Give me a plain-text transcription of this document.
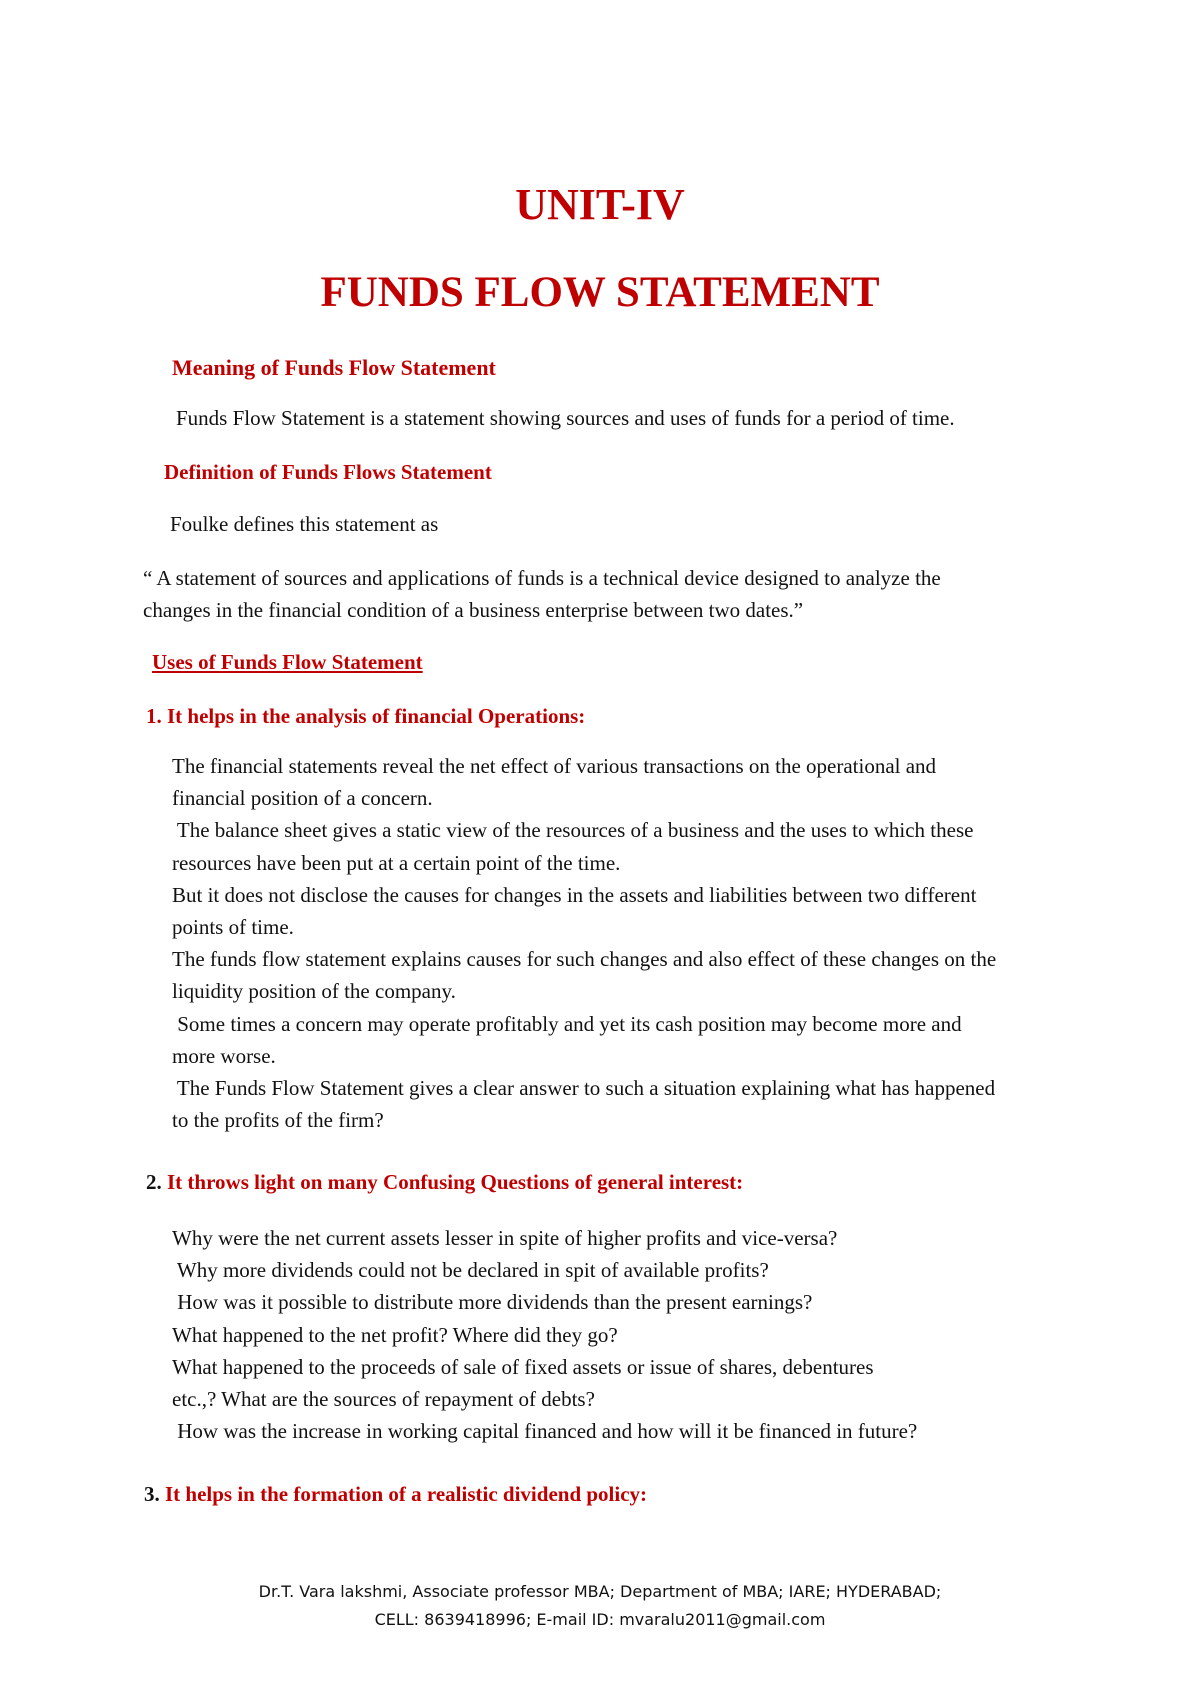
UNIT-IV
FUNDS FLOW STATEMENT
Meaning of Funds Flow Statement
Funds Flow Statement is a statement showing sources and uses of funds for a period of time.
Definition of Funds Flows Statement
Foulke defines this statement as
“ A statement of sources and applications of funds is a technical device designed to analyze the
changes in the financial condition of a business enterprise between two dates.”
Uses of Funds Flow Statement
1. It helps in the analysis of financial Operations:
The financial statements reveal the net effect of various transactions on the operational and
financial position of a concern.
The balance sheet gives a static view of the resources of a business and the uses to which these
resources have been put at a certain point of the time.
But it does not disclose the causes for changes in the assets and liabilities between two different
points of time.
The funds flow statement explains causes for such changes and also effect of these changes on the
liquidity position of the company.
Some times a concern may operate profitably and yet its cash position may become more and
more worse.
The Funds Flow Statement gives a clear answer to such a situation explaining what has happened
to the profits of the firm?
2. It throws light on many Confusing Questions of general interest:
Why were the net current assets lesser in spite of higher profits and vice-versa?
Why more dividends could not be declared in spit of available profits?
How was it possible to distribute more dividends than the present earnings?
What happened to the net profit? Where did they go?
What happened to the proceeds of sale of fixed assets or issue of shares, debentures
etc.,? What are the sources of repayment of debts?
How was the increase in working capital financed and how will it be financed in future?
3. It helps in the formation of a realistic dividend policy:
Dr.T. Vara lakshmi, Associate professor MBA; Department of MBA; IARE; HYDERABAD;
CELL: 8639418996; E-mail ID: mvaralu2011@gmail.com
